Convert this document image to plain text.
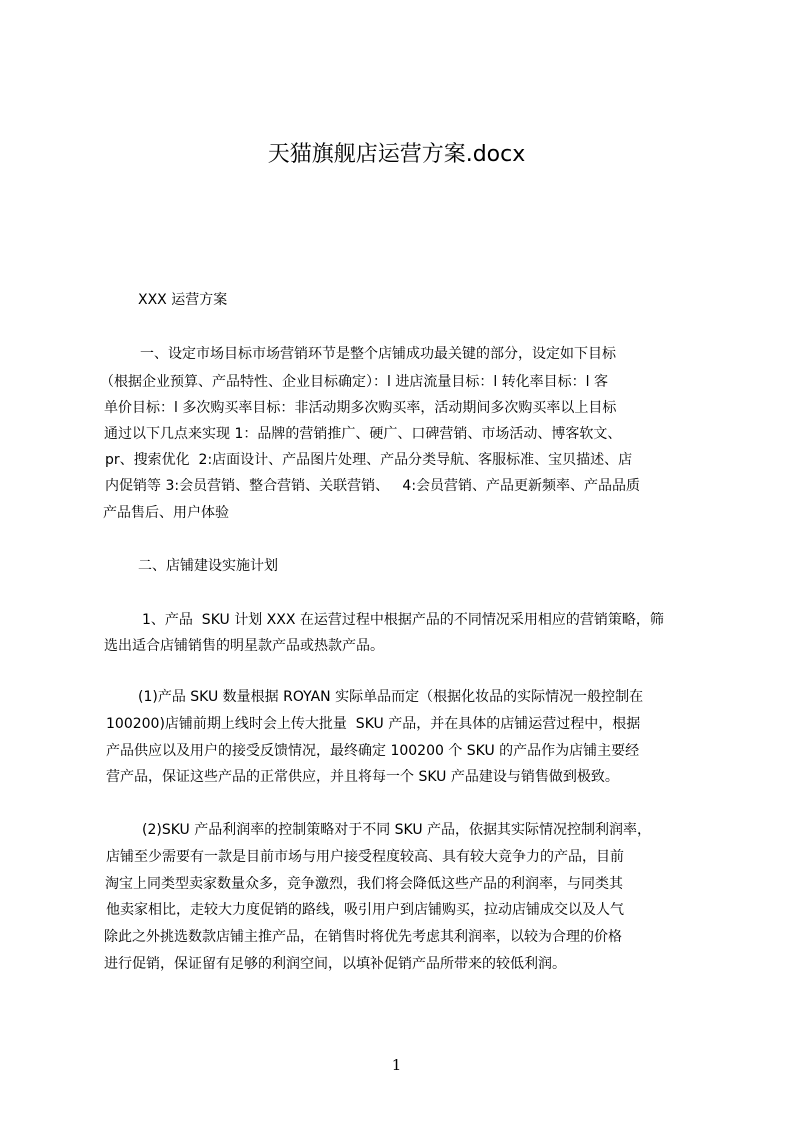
天猫旗舰店运营方案.docx
XXX 运营方案
一、设定市场目标市场营销环节是整个店铺成功最关键的部分，设定如下目标
（根据企业预算、产品特性、企业目标确定）：l 进店流量目标：l 转化率目标：l 客
单价目标：l 多次购买率目标：非活动期多次购买率，活动期间多次购买率以上目标
通过以下几点来实现 1：品牌的营销推广、硬广、口碑营销、市场活动、博客软文、
pr、搜索优化  2:店面设计、产品图片处理、产品分类导航、客服标准、宝贝描述、店
内促销等 3:会员营销、整合营销、关联营销、   4:会员营销、产品更新频率、产品品质
产品售后、用户体验
二、店铺建设实施计划
1、产品  SKU 计划 XXX 在运营过程中根据产品的不同情况采用相应的营销策略，筛
选出适合店铺销售的明星款产品或热款产品。
(1)产品 SKU 数量根据 ROYAN 实际单品而定（根据化妆品的实际情况一般控制在
100200)店铺前期上线时会上传大批量  SKU 产品，并在具体的店铺运营过程中，根据
产品供应以及用户的接受反馈情况，最终确定 100200 个 SKU 的产品作为店铺主要经
营产品，保证这些产品的正常供应，并且将每一个 SKU 产品建设与销售做到极致。
(2)SKU 产品利润率的控制策略对于不同 SKU 产品，依据其实际情况控制利润率，
店铺至少需要有一款是目前市场与用户接受程度较高、具有较大竞争力的产品，目前
淘宝上同类型卖家数量众多，竞争激烈，我们将会降低这些产品的利润率，与同类其
他卖家相比，走较大力度促销的路线，吸引用户到店铺购买，拉动店铺成交以及人气
除此之外挑选数款店铺主推产品，在销售时将优先考虑其利润率，以较为合理的价格
进行促销，保证留有足够的利润空间，以填补促销产品所带来的较低利润。
1
